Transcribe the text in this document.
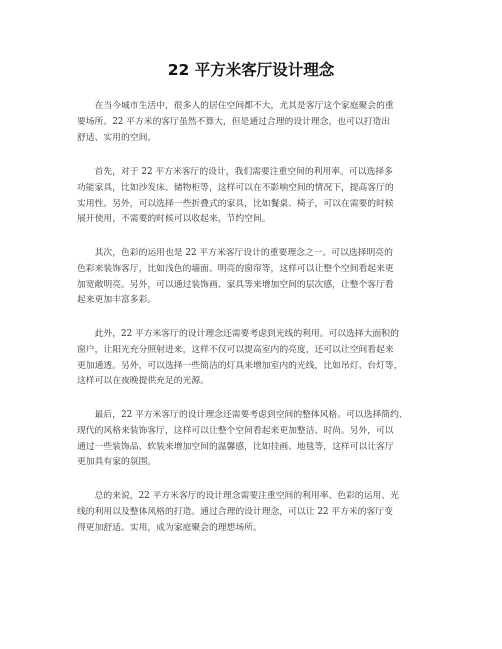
22 平方米客厅设计理念
　　在当今城市生活中，很多人的居住空间都不大，尤其是客厅这个家庭聚会的重
要场所。22 平方米的客厅虽然不算大，但是通过合理的设计理念，也可以打造出
舒适、实用的空间。
　　首先，对于 22 平方米客厅的设计，我们需要注重空间的利用率。可以选择多
功能家具，比如沙发床、储物柜等，这样可以在不影响空间的情况下，提高客厅的
实用性。另外，可以选择一些折叠式的家具，比如餐桌、椅子，可以在需要的时候
展开使用，不需要的时候可以收起来，节约空间。
　　其次，色彩的运用也是 22 平方米客厅设计的重要理念之一。可以选择明亮的
色彩来装饰客厅，比如浅色的墙面、明亮的窗帘等，这样可以让整个空间看起来更
加宽敞明亮。另外，可以通过装饰画、家具等来增加空间的层次感，让整个客厅看
起来更加丰富多彩。
　　此外，22 平方米客厅的设计理念还需要考虑到光线的利用。可以选择大面积的
窗户，让阳光充分照射进来，这样不仅可以提高室内的亮度，还可以让空间看起来
更加通透。另外，可以选择一些简洁的灯具来增加室内的光线，比如吊灯、台灯等，
这样可以在夜晚提供充足的光源。
　　最后，22 平方米客厅的设计理念还需要考虑到空间的整体风格。可以选择简约、
现代的风格来装饰客厅，这样可以让整个空间看起来更加整洁、时尚。另外，可以
通过一些装饰品、软装来增加空间的温馨感，比如挂画、地毯等，这样可以让客厅
更加具有家的氛围。
　　总的来说，22 平方米客厅的设计理念需要注重空间的利用率、色彩的运用、光
线的利用以及整体风格的打造。通过合理的设计理念，可以让 22 平方米的客厅变
得更加舒适、实用，成为家庭聚会的理想场所。
